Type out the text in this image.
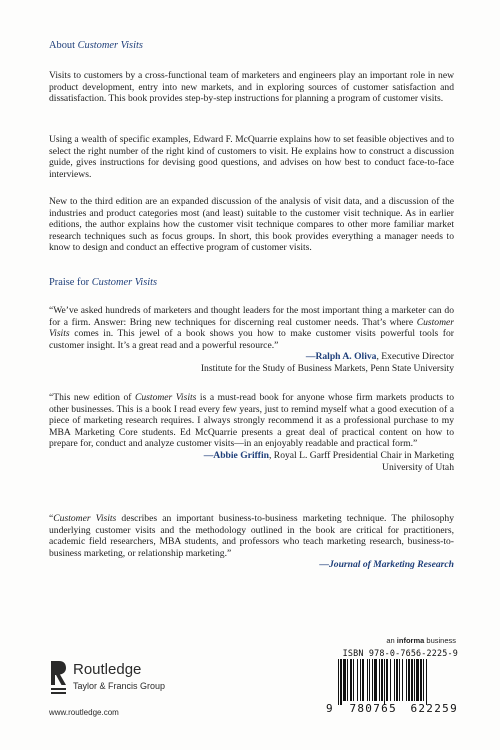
About Customer Visits

Visits to customers by a cross-functional team of marketers and engineers play an important role in new product development, entry into new markets, and in exploring sources of customer satisfaction and dissatisfaction. This book provides step-by-step instructions for planning a program of customer visits.

Using a wealth of specific examples, Edward F. McQuarrie explains how to set feasible objectives and to select the right number of the right kind of customers to visit. He explains how to construct a discussion guide, gives instructions for devising good questions, and advises on how best to conduct face-to-face interviews.

New to the third edition are an expanded discussion of the analysis of visit data, and a discussion of the industries and product categories most (and least) suitable to the customer visit technique. As in earlier editions, the author explains how the customer visit technique compares to other more familiar market research techniques such as focus groups. In short, this book provides everything a manager needs to know to design and conduct an effective program of customer visits.

Praise for Customer Visits

“We’ve asked hundreds of marketers and thought leaders for the most important thing a marketer can do for a firm. Answer: Bring new techniques for discerning real customer needs. That’s where Customer Visits comes in. This jewel of a book shows you how to make customer visits powerful tools for customer insight. It’s a great read and a powerful resource.”

—Ralph A. Oliva, Executive Director

Institute for the Study of Business Markets, Penn State University

“This new edition of Customer Visits is a must-read book for anyone whose firm markets products to other businesses. This is a book I read every few years, just to remind myself what a good execution of a piece of marketing research requires. I always strongly recommend it as a professional purchase to my MBA Marketing Core students. Ed McQuarrie presents a great deal of practical content on how to prepare for, conduct and analyze customer visits—in an enjoyably readable and practical form.”

—Abbie Griffin, Royal L. Garff Presidential Chair in Marketing

University of Utah

“Customer Visits describes an important business-to-business marketing technique. The philosophy underlying customer visits and the methodology outlined in the book are critical for practitioners, academic field researchers, MBA students, and professors who teach marketing research, business-to-business marketing, or relationship marketing.”

—Journal of Marketing Research

Routledge
Taylor & Francis Group
www.routledge.com
an informa business
ISBN 978-0-7656-2225-9
9	780765 622259
